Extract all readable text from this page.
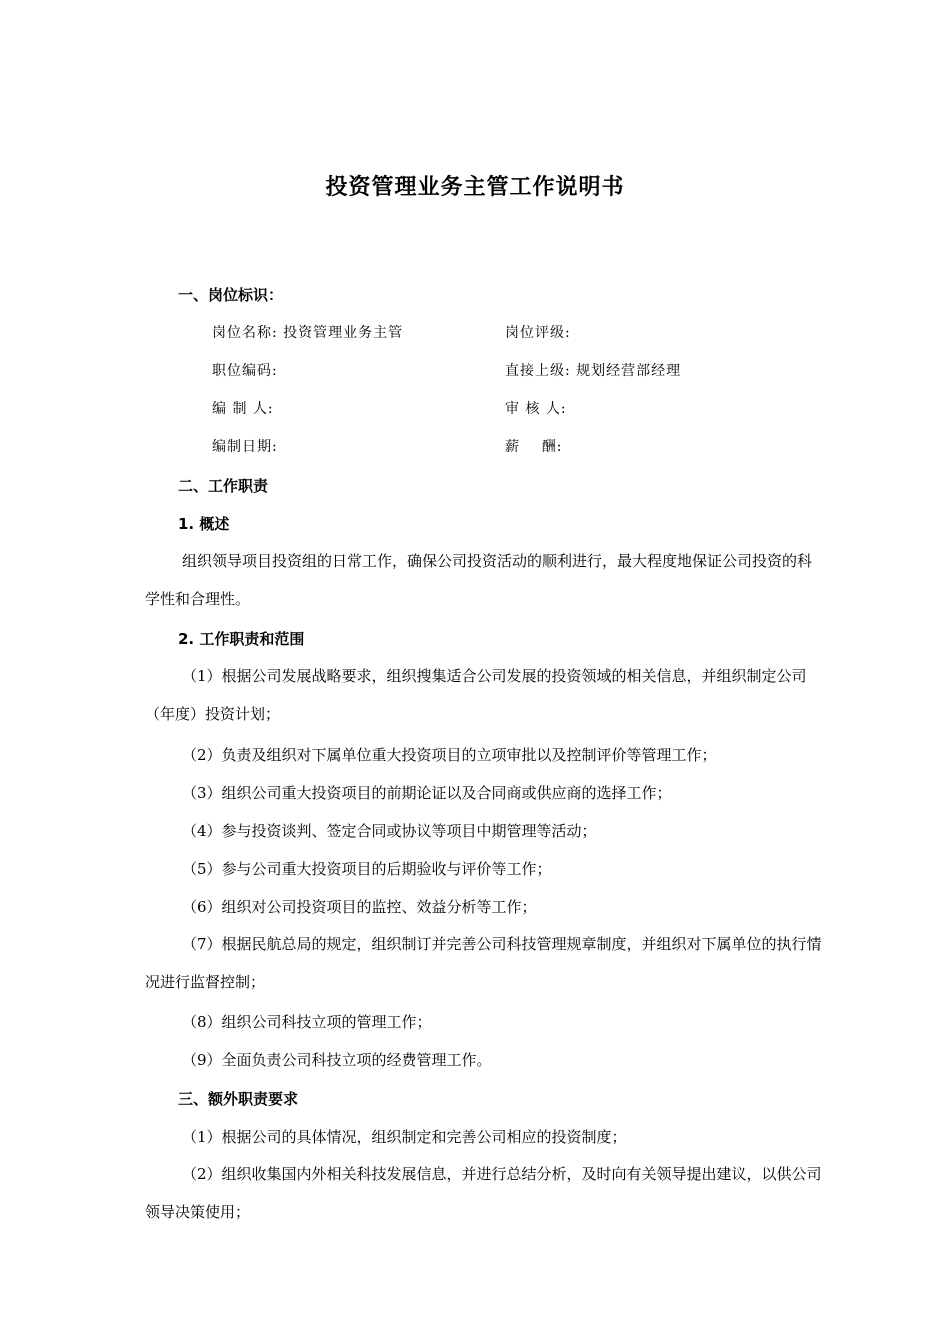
投资管理业务主管工作说明书
一、岗位标识：
岗位名称: 投资管理业务主管	岗位评级:
职位编码:	直接上级: 规划经营部经理
编 制 人:	审 核 人:
编制日期:	薪    酬:
二、工作职责
1. 概述
组织领导项目投资组的日常工作，确保公司投资活动的顺利进行，最大程度地保证公司投资的科学性和合理性。
2. 工作职责和范围
（1）根据公司发展战略要求，组织搜集适合公司发展的投资领域的相关信息，并组织制定公司（年度）投资计划；
（2）负责及组织对下属单位重大投资项目的立项审批以及控制评价等管理工作；
（3）组织公司重大投资项目的前期论证以及合同商或供应商的选择工作；
（4）参与投资谈判、签定合同或协议等项目中期管理等活动；
（5）参与公司重大投资项目的后期验收与评价等工作；
（6）组织对公司投资项目的监控、效益分析等工作；
（7）根据民航总局的规定，组织制订并完善公司科技管理规章制度，并组织对下属单位的执行情况进行监督控制；
（8）组织公司科技立项的管理工作；
（9）全面负责公司科技立项的经费管理工作。
三、额外职责要求
（1）根据公司的具体情况，组织制定和完善公司相应的投资制度；
（2）组织收集国内外相关科技发展信息，并进行总结分析，及时向有关领导提出建议，以供公司领导决策使用；
